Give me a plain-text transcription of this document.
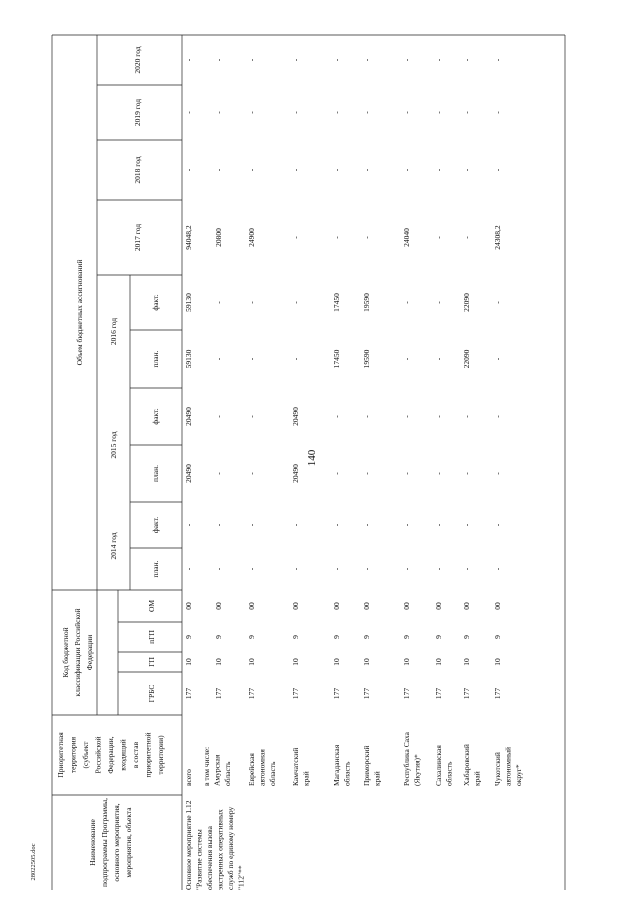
140
28022505.doc	Наименование подпрограммы Программы, основного мероприятия, мероприятия, объекта
Приоритетная территория (субъект Российской Федерации, входящий в состав приоритетной территории)
Код бюджетной классификации Российской Федерации
ГРБС
ГП
пГП
ОМ
Объем бюджетных ассигнований
2014 год
2015 год
2016 год
план.
план.
план.
факт.
факт.
факт.
2017 год
2018 год
2019 год
2020 год
Основное мероприятие 1.12 "Развитие системы обеспечения вызова экстренных оперативных служб по единому номеру "112"**
всего
177
10
9
00
-
-
20490
20490
59130
59130
94048,2
-
-
-
в том числе: Амурская область
177
10
9
00
-
-
-
-
-
-
20800
-
-
-
Еврейская автономная область
177
10
9
00
-
-
-
-
-
-
24900
-
-
-
Камчатский край
177
10
9
00
-
-
20490
20490
-
-
-
-
-
-
Магаданская область
177
10
9
00
-
-
-
-
17450
17450
-
-
-
-
Приморский край
177
10
9
00
-
-
-
-
19590
19590
-
-
-
-
Республика Саха (Якутия)*
177
10
9
00
-
-
-
-
-
-
24040
-
-
-
Сахалинская область
177
10
9
00
-
-
-
-
-
-
-
-
-
-
Хабаровский край
177
10
9
00
-
-
-
-
22090
22090
-
-
-
-
Чукотский автономный округ*
177
10
9
00
-
-
-
-
-
-
24308,2
-
-
-
